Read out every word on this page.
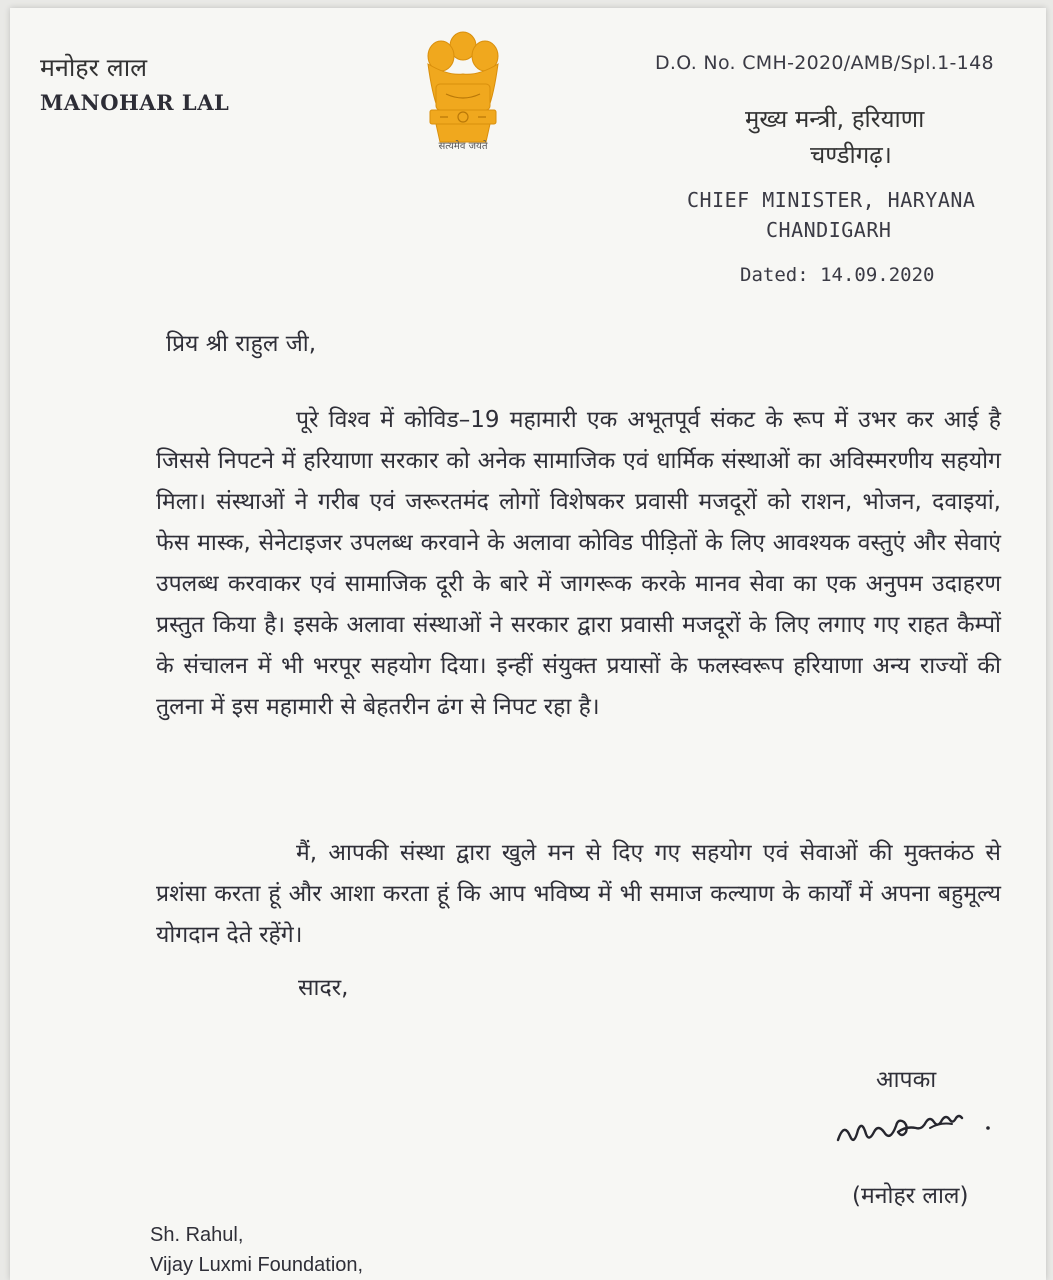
मनोहर लाल
MANOHAR LAL
सत्यमेव जयते
D.O. No. CMH-2020/AMB/Spl.1-148
मुख्य मन्त्री, हरियाणा
चण्डीगढ़।
CHIEF MINISTER, HARYANA
CHANDIGARH
Dated: 14.09.2020
प्रिय श्री राहुल जी,
पूरे विश्व में कोविड–19 महामारी एक अभूतपूर्व संकट के रूप में उभर कर आई है जिससे निपटने में हरियाणा सरकार को अनेक सामाजिक एवं धार्मिक संस्थाओं का अविस्मरणीय सहयोग मिला। संस्थाओं ने गरीब एवं जरूरतमंद लोगों विशेषकर प्रवासी मजदूरों को राशन, भोजन, दवाइयां, फेस मास्क, सेनेटाइजर उपलब्ध करवाने के अलावा कोविड पीड़ितों के लिए आवश्यक वस्तुएं और सेवाएं उपलब्ध करवाकर एवं सामाजिक दूरी के बारे में जागरूक करके मानव सेवा का एक अनुपम उदाहरण प्रस्तुत किया है। इसके अलावा संस्थाओं ने सरकार द्वारा प्रवासी मजदूरों के लिए लगाए गए राहत कैम्पों के संचालन में भी भरपूर सहयोग दिया। इन्हीं संयुक्त प्रयासों के फलस्वरूप हरियाणा अन्य राज्यों की तुलना में इस महामारी से बेहतरीन ढंग से निपट रहा है।
मैं, आपकी संस्था द्वारा खुले मन से दिए गए सहयोग एवं सेवाओं की मुक्तकंठ से प्रशंसा करता हूं और आशा करता हूं कि आप भविष्य में भी समाज कल्याण के कार्यों में अपना बहुमूल्य योगदान देते रहेंगे।
सादर,
आपका
(मनोहर लाल)
Sh. Rahul,
Vijay Luxmi Foundation,
